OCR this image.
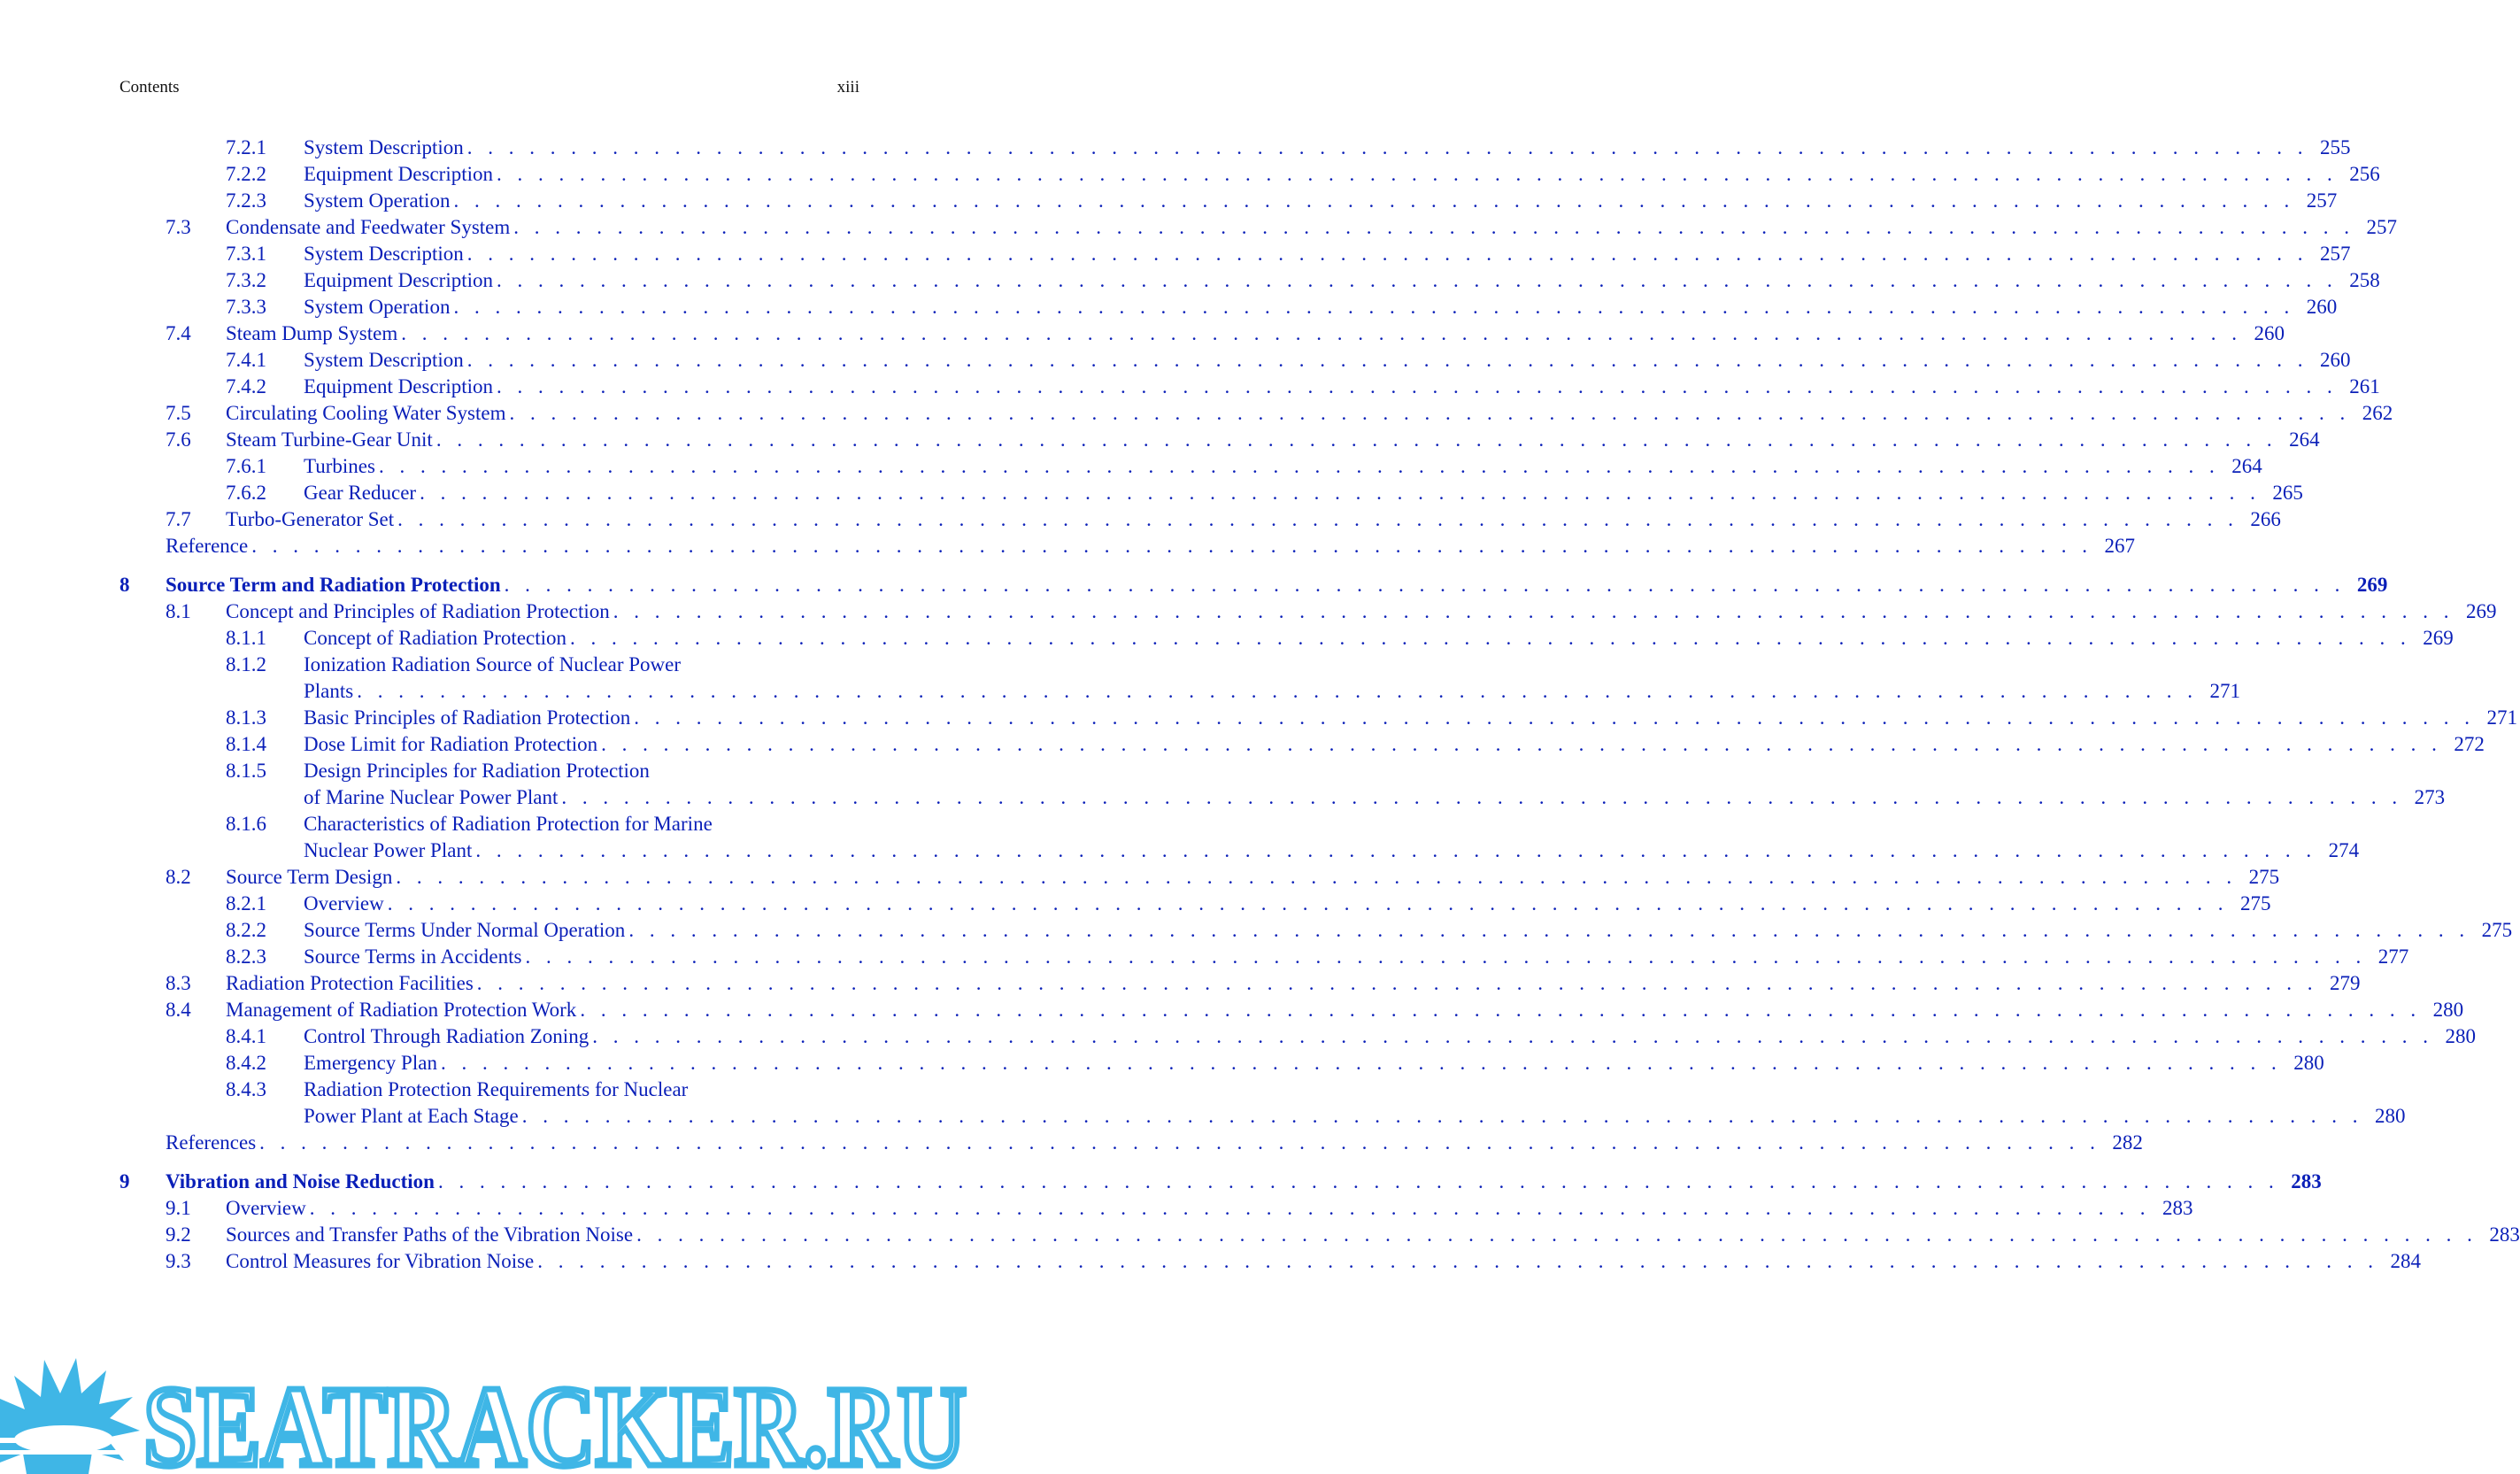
Contents	xiii
7.2.1 System Description . . .	255
7.2.2 Equipment Description . . .	256
7.2.3 System Operation . . .	257
7.3 Condensate and Feedwater System . . .	257
7.3.1 System Description . . .	257
7.3.2 Equipment Description . . .	258
7.3.3 System Operation . . .	260
7.4 Steam Dump System . . .	260
7.4.1 System Description . . .	260
7.4.2 Equipment Description . . .	261
7.5 Circulating Cooling Water System . . .	262
7.6 Steam Turbine-Gear Unit . . .	264
7.6.1 Turbines . . .	264
7.6.2 Gear Reducer . . .	265
7.7 Turbo-Generator Set . . .	266
Reference . . .	267
8 Source Term and Radiation Protection . . .	269
8.1 Concept and Principles of Radiation Protection . . .	269
8.1.1 Concept of Radiation Protection . . .	269
8.1.2 Ionization Radiation Source of Nuclear Power
Plants . . .	271
8.1.3 Basic Principles of Radiation Protection . . .	271
8.1.4 Dose Limit for Radiation Protection . . .	272
8.1.5 Design Principles for Radiation Protection
of Marine Nuclear Power Plant . . .	273
8.1.6 Characteristics of Radiation Protection for Marine
Nuclear Power Plant . . .	274
8.2 Source Term Design . . .	275
8.2.1 Overview . . .	275
8.2.2 Source Terms Under Normal Operation . . .	275
8.2.3 Source Terms in Accidents . . .	277
8.3 Radiation Protection Facilities . . .	279
8.4 Management of Radiation Protection Work . . .	280
8.4.1 Control Through Radiation Zoning . . .	280
8.4.2 Emergency Plan . . .	280
8.4.3 Radiation Protection Requirements for Nuclear
Power Plant at Each Stage . . .	280
References . . .	282
9 Vibration and Noise Reduction . . .	283
9.1 Overview . . .	283
9.2 Sources and Transfer Paths of the Vibration Noise . . .	283
9.3 Control Measures for Vibration Noise . . .	284
SEATRACKER.RU
